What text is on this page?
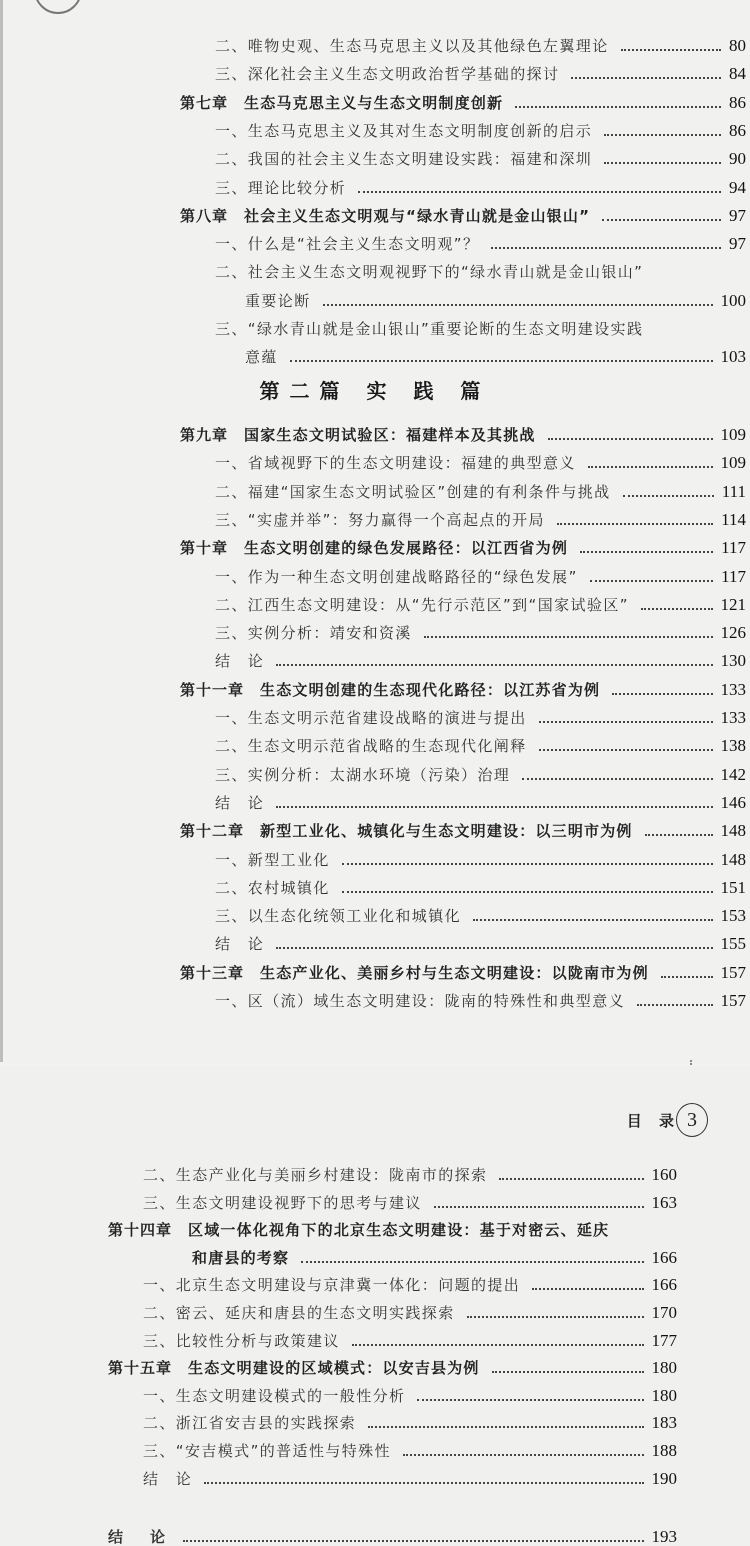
第二篇 实 践 篇
二、唯物史观、生态马克思主义以及其他绿色左翼理论	80
三、深化社会主义生态文明政治哲学基础的探讨	84
第七章 生态马克思主义与生态文明制度创新	86
一、生态马克思主义及其对生态文明制度创新的启示	86
二、我国的社会主义生态文明建设实践：福建和深圳	90
三、理论比较分析	94
第八章 社会主义生态文明观与“绿水青山就是金山银山”	97
一、什么是“社会主义生态文明观”？	97
二、社会主义生态文明观视野下的“绿水青山就是金山银山”
重要论断	100
三、“绿水青山就是金山银山”重要论断的生态文明建设实践
意蕴	103
第九章 国家生态文明试验区：福建样本及其挑战	109
一、省域视野下的生态文明建设：福建的典型意义	109
二、福建“国家生态文明试验区”创建的有利条件与挑战	111
三、“实虚并举”：努力赢得一个高起点的开局	114
第十章 生态文明创建的绿色发展路径：以江西省为例	117
一、作为一种生态文明创建战略路径的“绿色发展”	117
二、江西生态文明建设：从“先行示范区”到“国家试验区”	121
三、实例分析：靖安和资溪	126
结　论	130
第十一章 生态文明创建的生态现代化路径：以江苏省为例	133
一、生态文明示范省建设战略的演进与提出	133
二、生态文明示范省战略的生态现代化阐释	138
三、实例分析：太湖水环境（污染）治理	142
结　论	146
第十二章 新型工业化、城镇化与生态文明建设：以三明市为例	148
一、新型工业化	148
二、农村城镇化	151
三、以生态化统领工业化和城镇化	153
结　论	155
第十三章 生态产业化、美丽乡村与生态文明建设：以陇南市为例	157
一、区（流）域生态文明建设：陇南的特殊性和典型意义	157
二、生态产业化与美丽乡村建设：陇南市的探索	160
三、生态文明建设视野下的思考与建议	163
第十四章 区域一体化视角下的北京生态文明建设：基于对密云、延庆
和唐县的考察	166
一、北京生态文明建设与京津冀一体化：问题的提出	166
二、密云、延庆和唐县的生态文明实践探索	170
三、比较性分析与政策建议	177
第十五章 生态文明建设的区域模式：以安吉县为例	180
一、生态文明建设模式的一般性分析	180
二、浙江省安吉县的实践探索	183
三、“安吉模式”的普适性与特殊性	188
结　论	190
结　论	193
目 录 3
